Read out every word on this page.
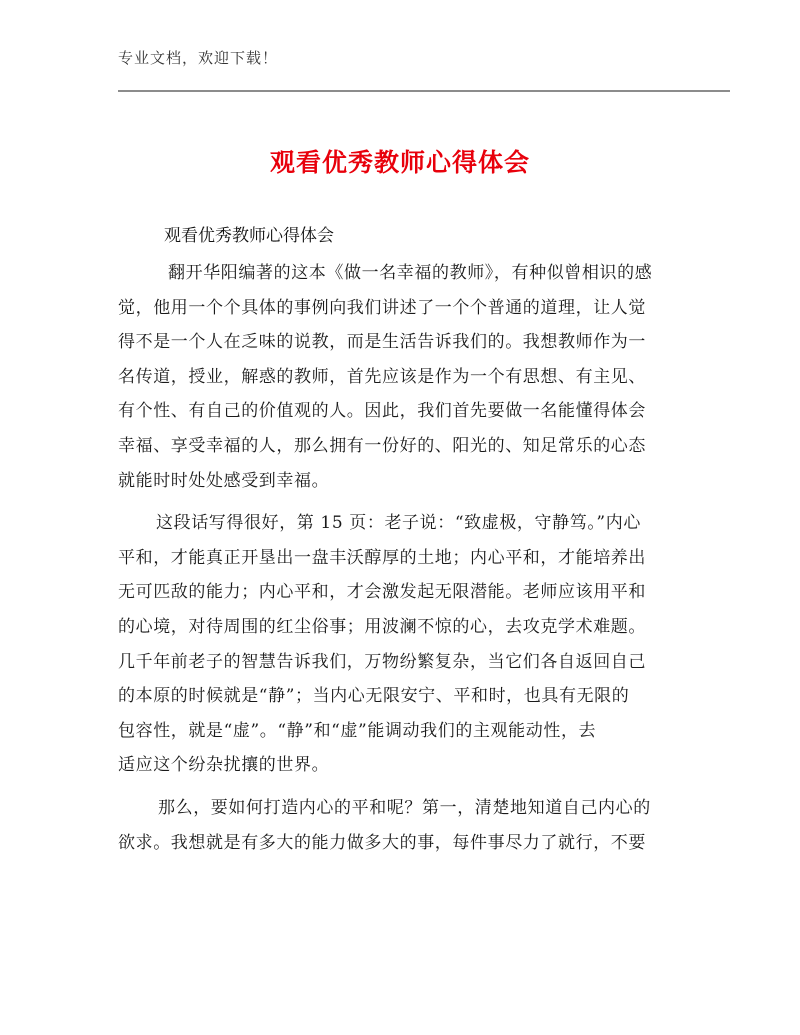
专业文档，欢迎下载！
观看优秀教师心得体会
观看优秀教师心得体会
翻开华阳编著的这本《做一名幸福的教师》，有种似曾相识的感
觉，他用一个个具体的事例向我们讲述了一个个普通的道理，让人觉
得不是一个人在乏味的说教，而是生活告诉我们的。我想教师作为一
名传道，授业，解惑的教师，首先应该是作为一个有思想、有主见、
有个性、有自己的价值观的人。因此，我们首先要做一名能懂得体会
幸福、享受幸福的人，那么拥有一份好的、阳光的、知足常乐的心态
就能时时处处感受到幸福。
这段话写得很好，第 15 页：老子说：“致虚极，守静笃。”内心
平和，才能真正开垦出一盘丰沃醇厚的土地；内心平和，才能培养出
无可匹敌的能力；内心平和，才会激发起无限潜能。老师应该用平和
的心境，对待周围的红尘俗事；用波澜不惊的心，去攻克学术难题。
几千年前老子的智慧告诉我们，万物纷繁复杂，当它们各自返回自己
的本原的时候就是“静”；当内心无限安宁、平和时，也具有无限的
包容性，就是“虚”。“静”和“虚”能调动我们的主观能动性，去
适应这个纷杂扰攘的世界。
那么，要如何打造内心的平和呢？第一，清楚地知道自己内心的
欲求。我想就是有多大的能力做多大的事，每件事尽力了就行，不要
